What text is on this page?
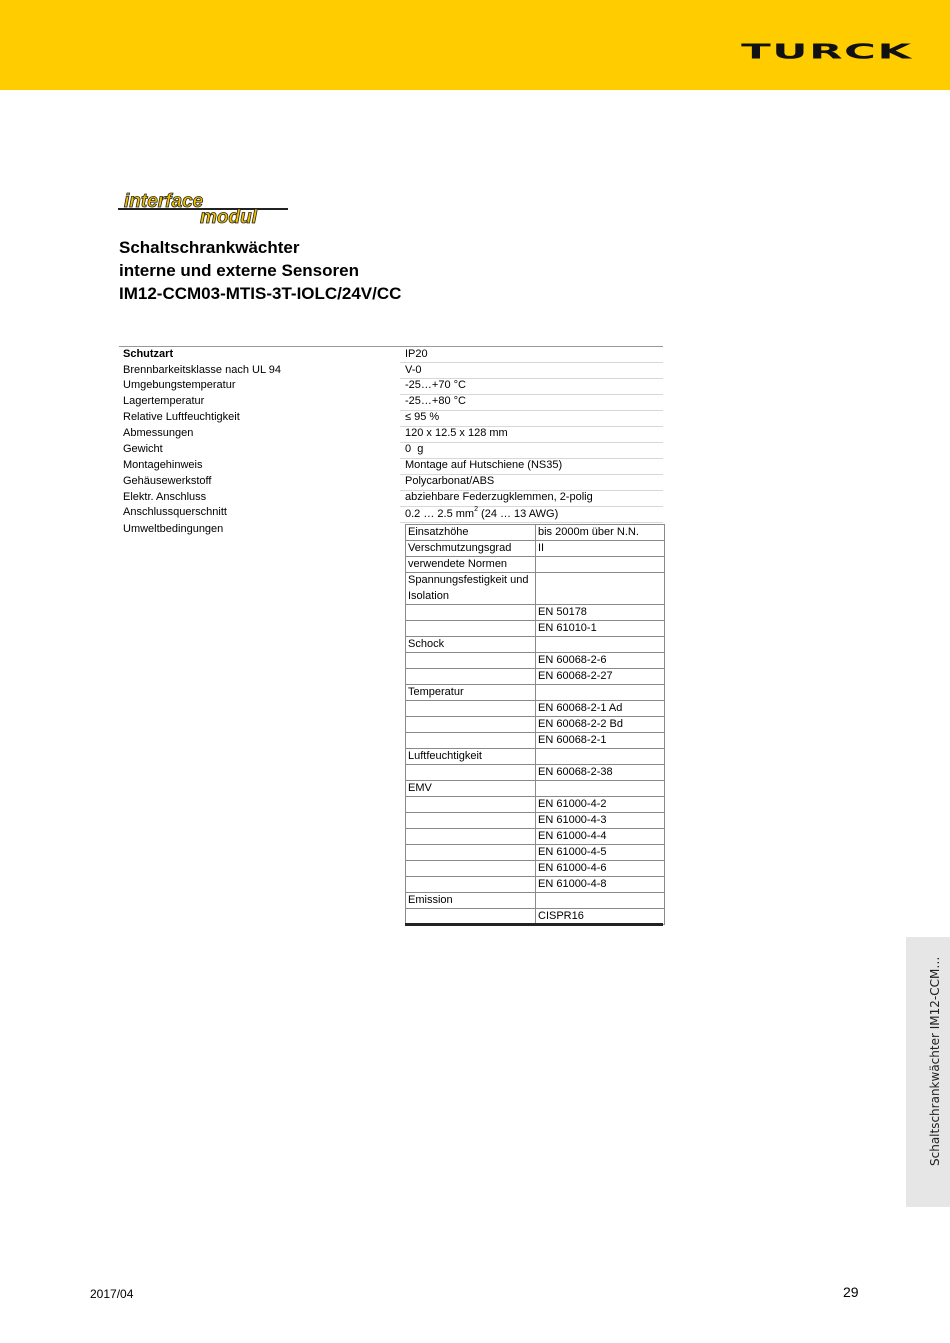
TURCK
interface
modul
Schaltschrankwächter
interne und externe Sensoren
IM12-CCM03-MTIS-3T-IOLC/24V/CC
Schutzart	IP20
Brennbarkeitsklasse nach UL 94	V-0
Umgebungstemperatur	-25…+70 °C
Lagertemperatur	-25…+80 °C
Relative Luftfeuchtigkeit	≤ 95 %
Abmessungen	120 x 12.5 x 128 mm
Gewicht	0  g
Montagehinweis	Montage auf Hutschiene (NS35)
Gehäusewerkstoff	Polycarbonat/ABS
Elektr. Anschluss	abziehbare Federzugklemmen, 2-polig
Anschlussquerschnitt	0.2 … 2.5 $mm^2$ (24 … 13 AWG)
Umweltbedingungen	Einsatzhöhe	bis 2000m über N.N.
Verschmutzungsgrad	II
verwendete Normen	
Spannungsfestigkeit und Isolation	
	EN 50178
	EN 61010-1
Schock	
	EN 60068-2-6
	EN 60068-2-27
Temperatur	
	EN 60068-2-1 Ad
	EN 60068-2-2 Bd
	EN 60068-2-1
Luftfeuchtigkeit	
	EN 60068-2-38
EMV	
	EN 61000-4-2
	EN 61000-4-3
	EN 61000-4-4
	EN 61000-4-5
	EN 61000-4-6
	EN 61000-4-8
Emission	
	CISPR16
Schaltschrankwächter IM12-CCM…
2017/04	29
